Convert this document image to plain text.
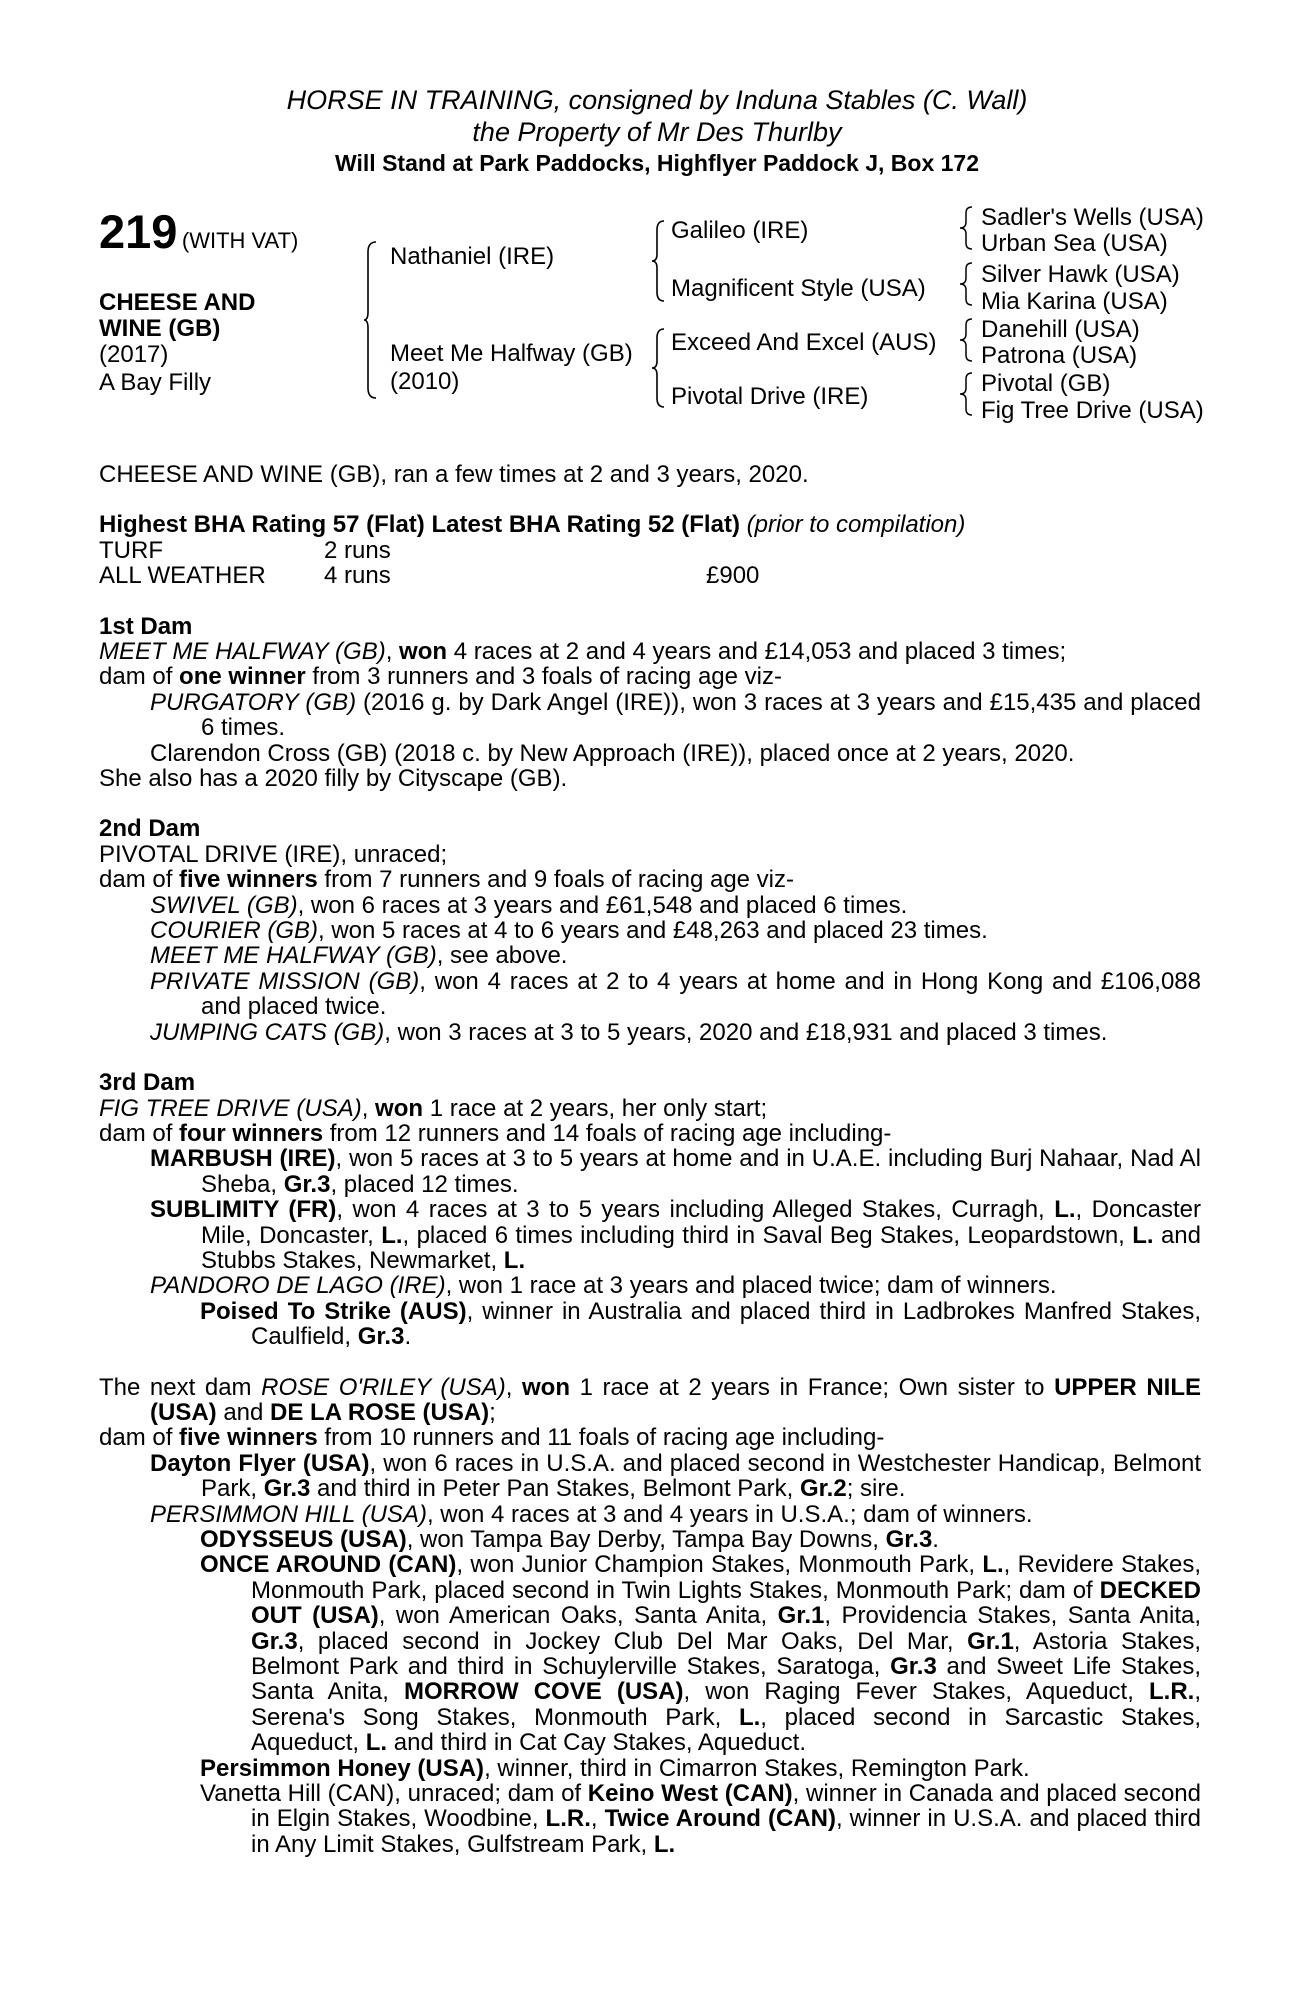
HORSE IN TRAINING, consigned by Induna Stables (C. Wall)
the Property of Mr Des Thurlby
Will Stand at Park Paddocks, Highflyer Paddock J, Box 172
219 (WITH VAT)
CHEESE AND
WINE (GB)
(2017)
A Bay Filly
Nathaniel (IRE)
Meet Me Halfway (GB)
(2010)
Galileo (IRE)
Magnificent Style (USA)
Exceed And Excel (AUS)
Pivotal Drive (IRE)
Sadler's Wells (USA)
Urban Sea (USA)
Silver Hawk (USA)
Mia Karina (USA)
Danehill (USA)
Patrona (USA)
Pivotal (GB)
Fig Tree Drive (USA)

CHEESE AND WINE (GB), ran a few times at 2 and 3 years, 2020.

Highest BHA Rating 57 (Flat) Latest BHA Rating 52 (Flat) (prior to compilation)

TURF	2 runs
ALL WEATHER 4 runs	£900

1st Dam

MEET ME HALFWAY (GB), won 4 races at 2 and 4 years and £14,053 and placed 3 times;

dam of one winner from 3 runners and 3 foals of racing age viz-

PURGATORY (GB) (2016 g. by Dark Angel (IRE)), won 3 races at 3 years and £15,435 and placed 6 times.

Clarendon Cross (GB) (2018 c. by New Approach (IRE)), placed once at 2 years, 2020.

She also has a 2020 filly by Cityscape (GB).

2nd Dam

PIVOTAL DRIVE (IRE), unraced;

dam of five winners from 7 runners and 9 foals of racing age viz-

SWIVEL (GB), won 6 races at 3 years and £61,548 and placed 6 times.

COURIER (GB), won 5 races at 4 to 6 years and £48,263 and placed 23 times.

MEET ME HALFWAY (GB), see above.

PRIVATE MISSION (GB), won 4 races at 2 to 4 years at home and in Hong Kong and £106,088 and placed twice.

JUMPING CATS (GB), won 3 races at 3 to 5 years, 2020 and £18,931 and placed 3 times.

3rd Dam

FIG TREE DRIVE (USA), won 1 race at 2 years, her only start;

dam of four winners from 12 runners and 14 foals of racing age including-

MARBUSH (IRE), won 5 races at 3 to 5 years at home and in U.A.E. including Burj Nahaar, Nad Al Sheba, Gr.3, placed 12 times.

SUBLIMITY (FR), won 4 races at 3 to 5 years including Alleged Stakes, Curragh, L., Doncaster Mile, Doncaster, L., placed 6 times including third in Saval Beg Stakes, Leopardstown, L. and Stubbs Stakes, Newmarket, L.

PANDORO DE LAGO (IRE), won 1 race at 3 years and placed twice; dam of winners.

Poised To Strike (AUS), winner in Australia and placed third in Ladbrokes Manfred Stakes, Caulfield, Gr.3.

The next dam ROSE O'RILEY (USA), won 1 race at 2 years in France; Own sister to UPPER NILE (USA) and DE LA ROSE (USA);

dam of five winners from 10 runners and 11 foals of racing age including-

Dayton Flyer (USA), won 6 races in U.S.A. and placed second in Westchester Handicap, Belmont Park, Gr.3 and third in Peter Pan Stakes, Belmont Park, Gr.2; sire.

PERSIMMON HILL (USA), won 4 races at 3 and 4 years in U.S.A.; dam of winners.

ODYSSEUS (USA), won Tampa Bay Derby, Tampa Bay Downs, Gr.3.

ONCE AROUND (CAN), won Junior Champion Stakes, Monmouth Park, L., Revidere Stakes, Monmouth Park, placed second in Twin Lights Stakes, Monmouth Park; dam of DECKED OUT (USA), won American Oaks, Santa Anita, Gr.1, Providencia Stakes, Santa Anita, Gr.3, placed second in Jockey Club Del Mar Oaks, Del Mar, Gr.1, Astoria Stakes, Belmont Park and third in Schuylerville Stakes, Saratoga, Gr.3 and Sweet Life Stakes, Santa Anita, MORROW COVE (USA), won Raging Fever Stakes, Aqueduct, L.R., Serena's Song Stakes, Monmouth Park, L., placed second in Sarcastic Stakes, Aqueduct, L. and third in Cat Cay Stakes, Aqueduct.

Persimmon Honey (USA), winner, third in Cimarron Stakes, Remington Park.

Vanetta Hill (CAN), unraced; dam of Keino West (CAN), winner in Canada and placed second in Elgin Stakes, Woodbine, L.R., Twice Around (CAN), winner in U.S.A. and placed third in Any Limit Stakes, Gulfstream Park, L.
